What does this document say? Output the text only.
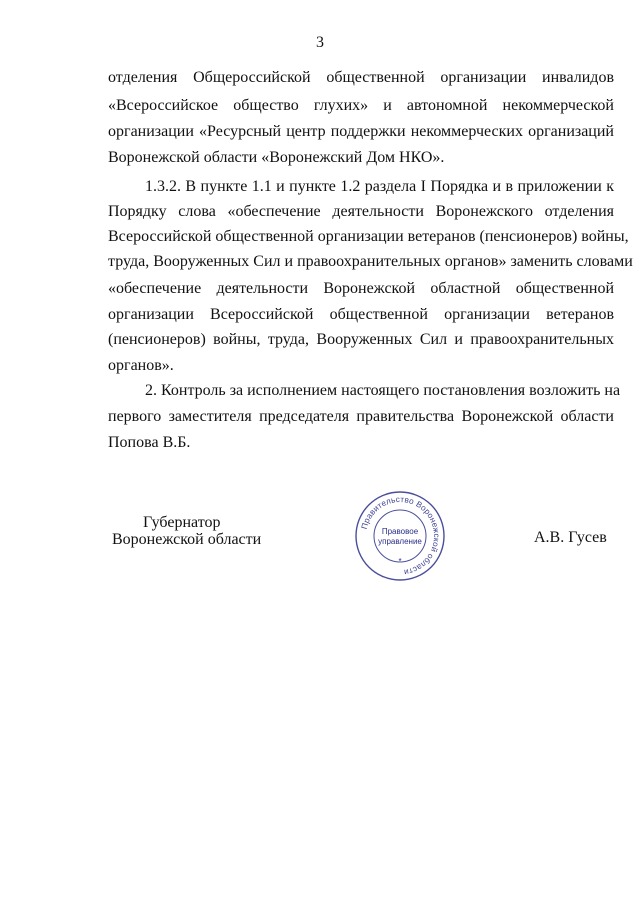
3
отделения Общероссийской общественной организации инвалидов
«Всероссийское общество глухих» и автономной некоммерческой
организации «Ресурсный центр поддержки некоммерческих организаций
Воронежской области «Воронежский Дом НКО».
1.3.2. В пункте 1.1 и пункте 1.2 раздела I Порядка и в приложении к
Порядку слова «обеспечение деятельности Воронежского отделения
Всероссийской общественной организации ветеранов (пенсионеров) войны,
труда, Вооруженных Сил и правоохранительных органов» заменить словами
«обеспечение деятельности Воронежской областной общественной
организации Всероссийской общественной организации ветеранов
(пенсионеров) войны, труда, Вооруженных Сил и правоохранительных
органов».
2. Контроль за исполнением настоящего постановления возложить на
первого заместителя председателя правительства Воронежской области
Попова В.Б.
Губернатор
Воронежской области	А.В. Гусев
Правительство Воронежской области
Правовое
управление
*
